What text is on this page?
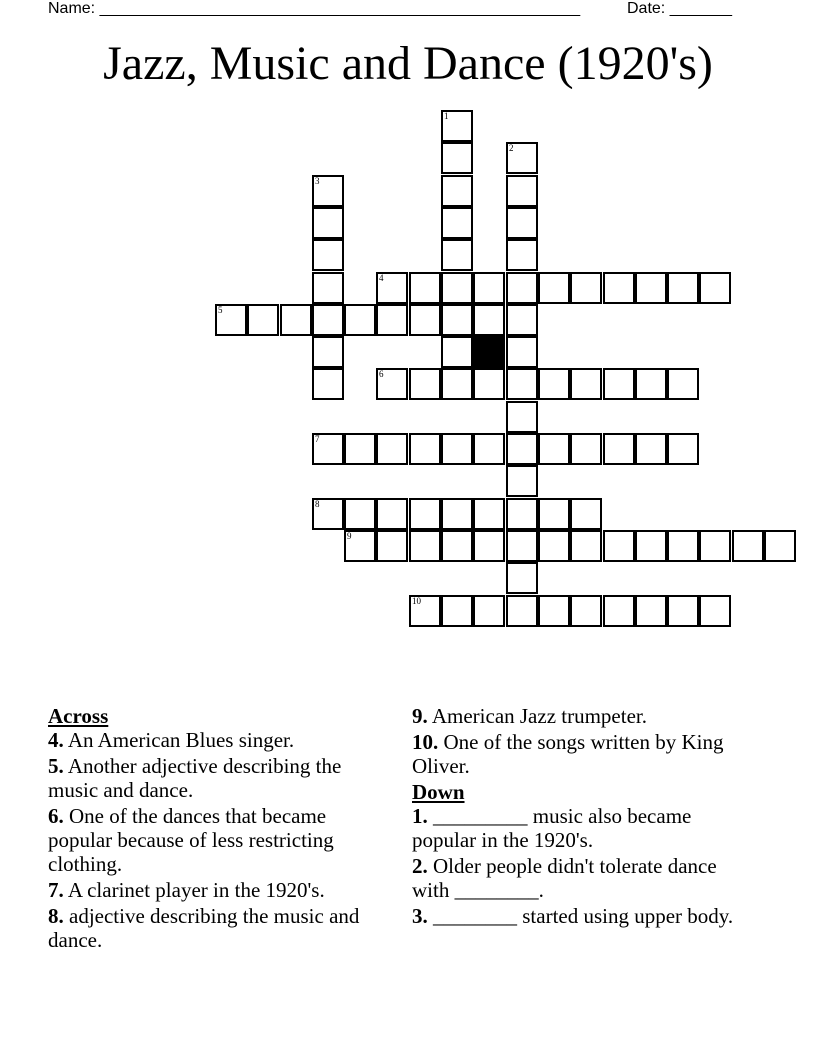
Name: ______________________________________________________	Date: _______
Jazz, Music and Dance (1920's)
4
5
6
7
8
9
10
1
2
3
Across
4. An American Blues singer.
5. Another adjective describing the music and dance.
6. One of the dances that became popular because of less restricting clothing.
7. A clarinet player in the 1920's.
8. adjective describing the music and dance.
9. American Jazz trumpeter.
10. One of the songs written by King Oliver.
Down
1. _________ music also became popular in the 1920's.
2. Older people didn't tolerate dance with ________.
3. ________ started using upper body.
